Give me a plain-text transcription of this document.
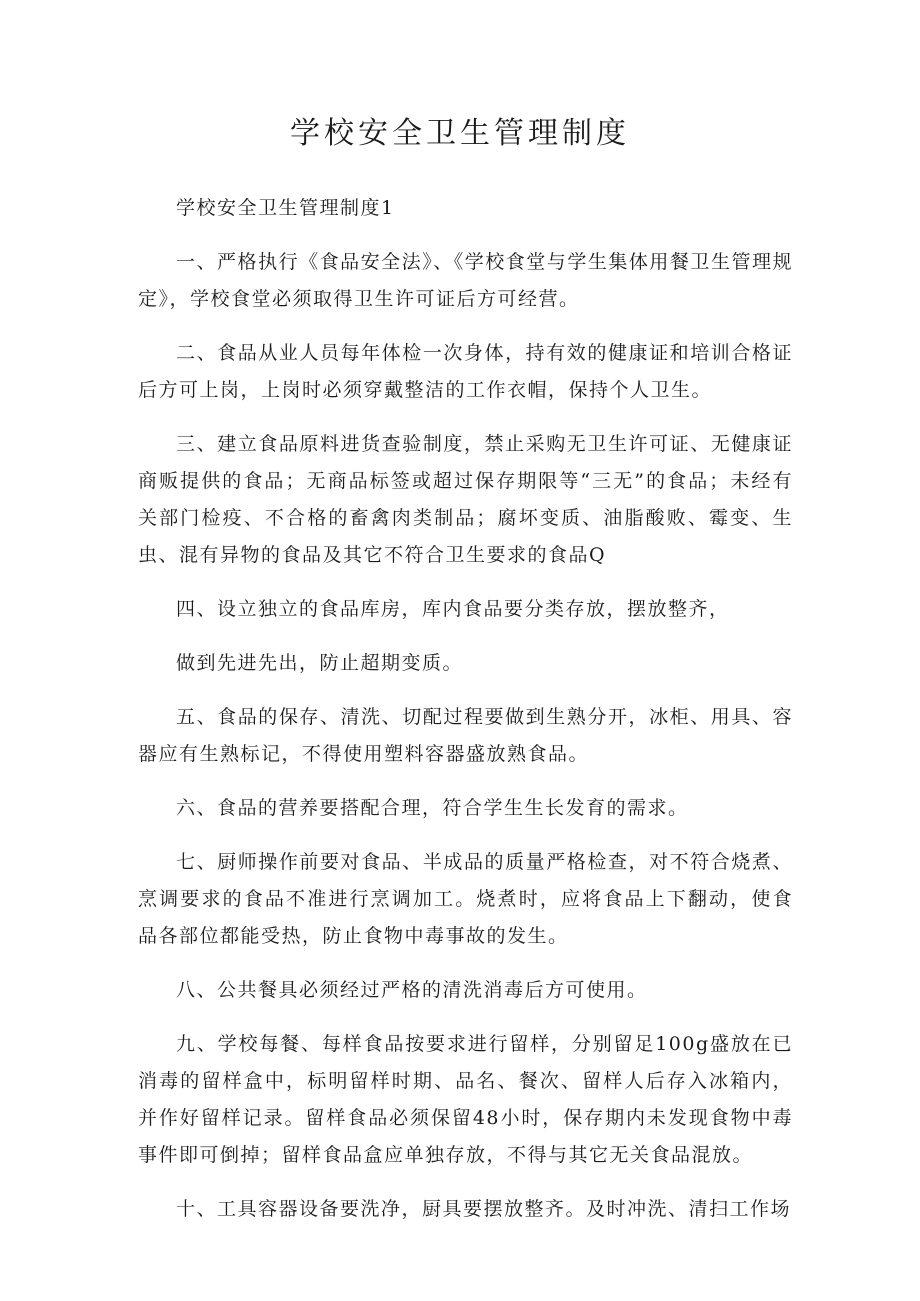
学校安全卫生管理制度

学校安全卫生管理制度1

一、严格执行《食品安全法》、《学校食堂与学生集体用餐卫生管理规定》，学校食堂必须取得卫生许可证后方可经营。

二、食品从业人员每年体检一次身体，持有效的健康证和培训合格证后方可上岗，上岗时必须穿戴整洁的工作衣帽，保持个人卫生。

三、建立食品原料进货查验制度，禁止采购无卫生许可证、无健康证商贩提供的食品；无商品标签或超过保存期限等“三无”的食品；未经有关部门检疫、不合格的畜禽肉类制品；腐坏变质、油脂酸败、霉变、生虫、混有异物的食品及其它不符合卫生要求的食品Q

四、设立独立的食品库房，库内食品要分类存放，摆放整齐，

做到先进先出，防止超期变质。

五、食品的保存、清洗、切配过程要做到生熟分开，冰柜、用具、容器应有生熟标记，不得使用塑料容器盛放熟食品。

六、食品的营养要搭配合理，符合学生生长发育的需求。

七、厨师操作前要对食品、半成品的质量严格检查，对不符合烧煮、烹调要求的食品不准进行烹调加工。烧煮时，应将食品上下翻动，使食品各部位都能受热，防止食物中毒事故的发生。

八、公共餐具必须经过严格的清洗消毒后方可使用。

九、学校每餐、每样食品按要求进行留样，分别留足100g盛放在已消毒的留样盒中，标明留样时期、品名、餐次、留样人后存入冰箱内，并作好留样记录。留样食品必须保留48小时，保存期内未发现食物中毒事件即可倒掉；留样食品盒应单独存放，不得与其它无关食品混放。

十、工具容器设备要洗净，厨具要摆放整齐。及时冲洗、清扫工作场
